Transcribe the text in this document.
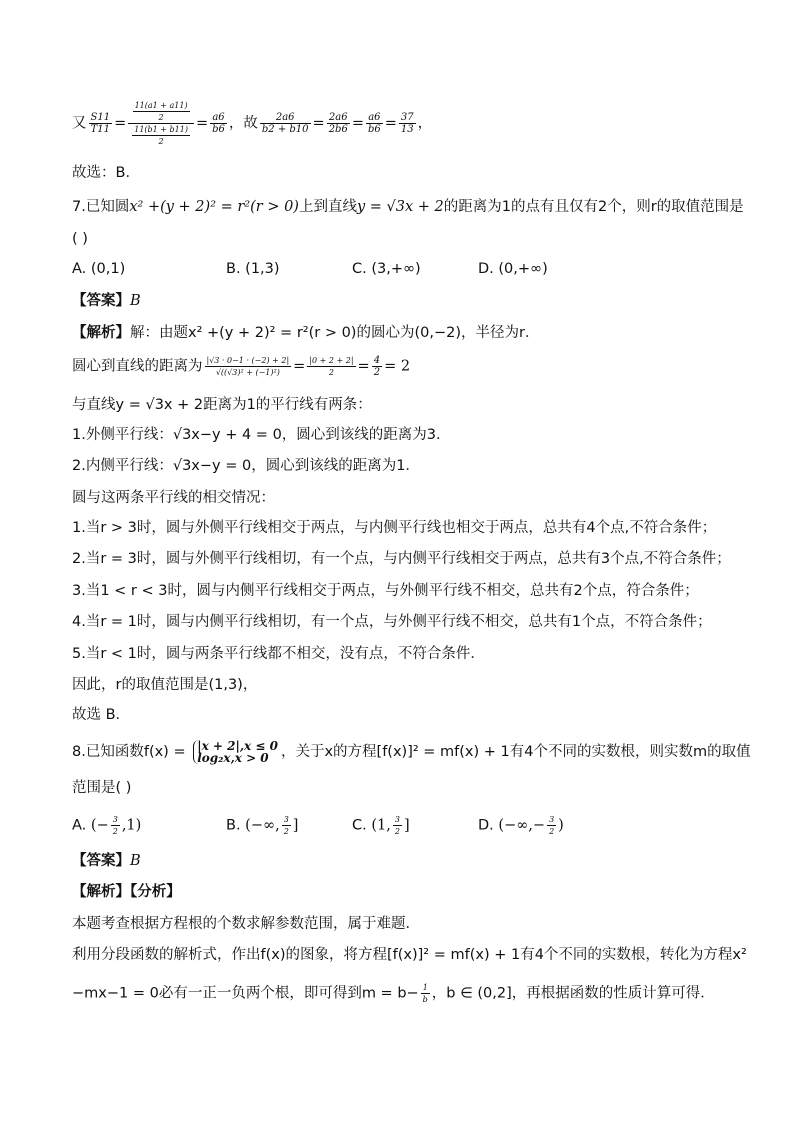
又 $\frac{S11}{T11} = \frac{\frac{11(a1 + a11)}{2}}{\frac{11(b1 + b11)}{2}} = \frac{a6}{b6}$ ，故 $\frac{2a6}{b2 + b10} = \frac{2a6}{2b6} = \frac{a6}{b6} = \frac{37}{13}$ ，
故选：B．
7.已知圆x² +(y + 2)² = r²(r > 0)上到直线y = √3x + 2的距离为1的点有且仅有2个，则r的取值范围是
( )
A. (0,1)	B. (1,3)	C. (3,+∞)	D. (0,+∞)
【答案】B
【解析】解：由题x² +(y + 2)² = r²(r > 0)的圆心为(0,−2)，半径为r．
圆心到直线的距离为 $\frac{|√3 \cdot 0-1 \cdot (-2) + 2|}{\text{√((√3)² + (−1)²)}} = \frac{|0 + 2 + 2|}{2} = \frac{4}{2} = 2$
与直线y = √3x + 2距离为1的平行线有两条：
1.外侧平行线：√3x−y + 4 = 0，圆心到该线的距离为3．
2.内侧平行线：√3x−y = 0，圆心到该线的距离为1．
圆与这两条平行线的相交情况：
1.当r > 3时，圆与外侧平行线相交于两点，与内侧平行线也相交于两点，总共有4个点,不符合条件；
2.当r = 3时，圆与外侧平行线相切，有一个点，与内侧平行线相交于两点，总共有3个点,不符合条件；
3.当1 < r < 3时，圆与内侧平行线相交于两点，与外侧平行线不相交，总共有2个点，符合条件；
4.当r = 1时，圆与内侧平行线相切，有一个点，与外侧平行线不相交，总共有1个点，不符合条件；
5.当r < 1时，圆与两条平行线都不相交，没有点，不符合条件．
因此，r的取值范围是(1,3)，
故选 B．
8.已知函数f(x) = |x + 2|,x ≤ 0
log₂x,x > 0 ，关于x的方程[f(x)]² = mf(x) + 1有4个不同的实数根，则实数m的取值
范围是( )
A. (− $\frac{3}{2} ,1$)	B. (−∞, $\frac{3}{2}$ ]	C. (1, $\frac{3}{2}$ ]	D. (−∞,− $\frac{3}{2}$ )
【答案】B
【解析】【分析】
本题考查根据方程根的个数求解参数范围，属于难题．
利用分段函数的解析式，作出f(x)的图象，将方程[f(x)]² = mf(x) + 1有4个不同的实数根，转化为方程x²
−mx−1 = 0必有一正一负两个根，即可得到$m = b- \frac{1}{b}$ ，b ∈ (0,2]，再根据函数的性质计算可得．
